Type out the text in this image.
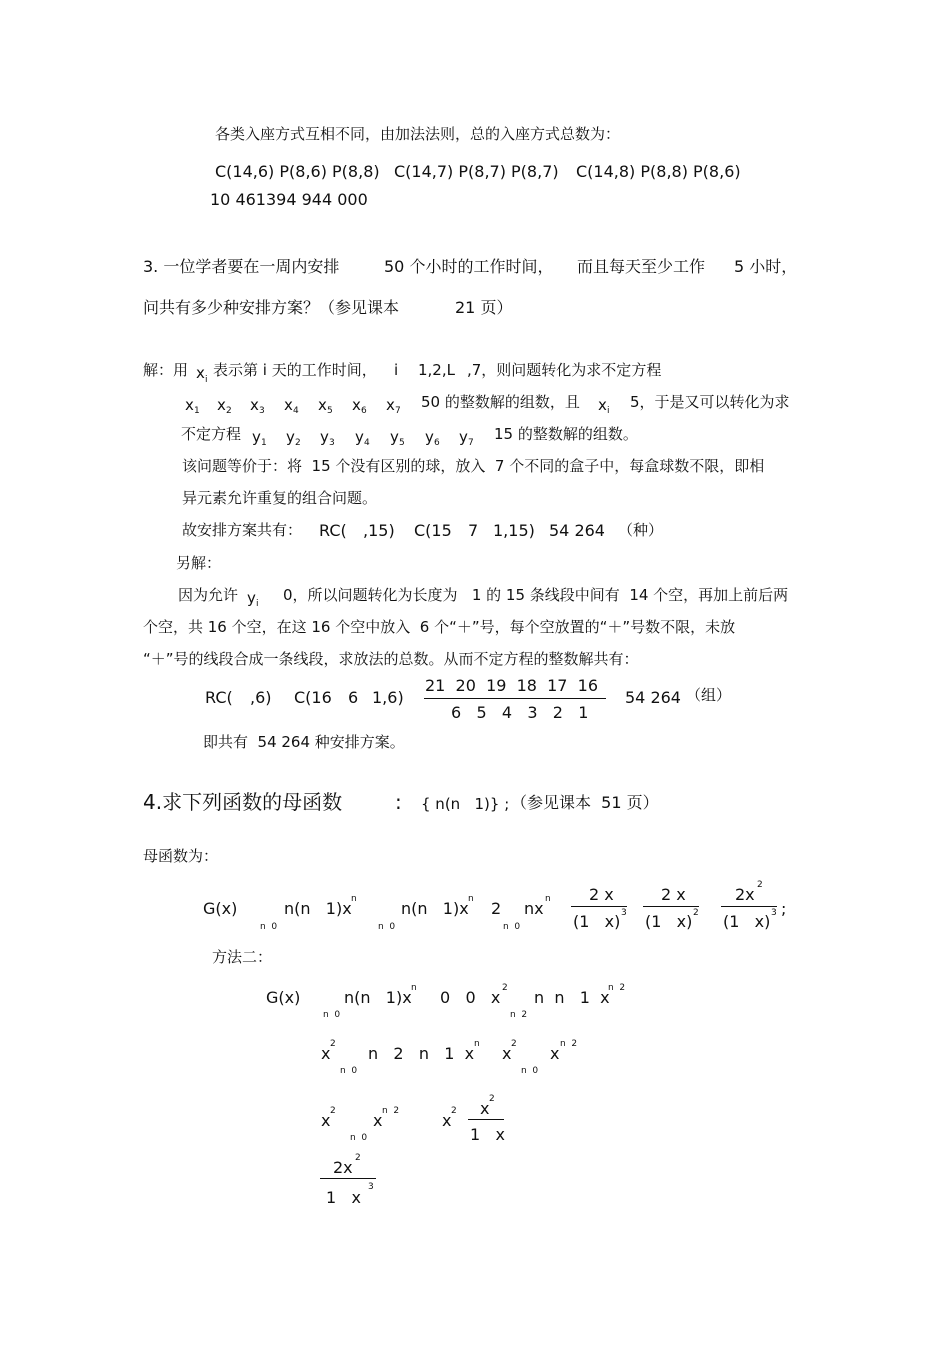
各类入座方式互相不同，由加法法则，总的入座方式总数为：
C(14,6) P(8,6) P(8,8) C(14,7) P(8,7) P(8,7) C(14,8) P(8,8) P(8,6)
10 461394 944 000
3. 一位学者要在一周内安排	50 个小时的工作时间， 而且每天至少工作 5 小时，
问共有多少种安排方案？（参见课本	21 页）
解：用 x i
表示第 i 天的工作时间， i 1,2,L ,7，则问题转化为求不定方程
x 1 x 2 x 3 x 4 x 5 x 6 x 7 50 的整数解的组数，且 x i 5，于是又可以转化为求
不定方程 y 1 y 2 y 3 y 4 y 5 y 6 y 7 15 的整数解的组数。
该问题等价于：将  15 个没有区别的球，放入  7 个不同的盒子中，每盒球数不限，即相
异元素允许重复的组合问题。
故安排方案共有： RC( ,15) C(15 7 1,15) 54 264 （种）
另解：
因为允许 y i 0，所以问题转化为长度为   1 的 15 条线段中间有  14 个空，再加上前后两
个空，共 16 个空，在这 16 个空中放入  6 个“＋”号，每个空放置的“＋”号数不限，未放
“＋”号的线段合成一条线段，求放法的总数。从而不定方程的整数解共有：
RC( ,6) C(16 6 1,6)
21  20  19  18  17  16
6   5   4   3   2   1
54 264 （组）
即共有  54 264 种安排方案。
4.求下列函数的母函数	: { n(n   1)} ; （参见课本  51 页）
母函数为：
G(x)	n(n   1)x n
n  0
n(n   1)x n
n  0
2 nx n
n  0
2 x
(1   x) 3
2 x
(1   x) 2
2x 2
(1   x) 3 ;
方法二：
G(x)	n(n   1)x n
n  0
0   0   x 2 n  n   1  x
n  2
n  2
x 2 n   2   n   1  x n
n  0
x 2 x n  2
n  0
x 2 x n  2
n  0
x 2 x 2
1   x
2x 2
1   x
3
